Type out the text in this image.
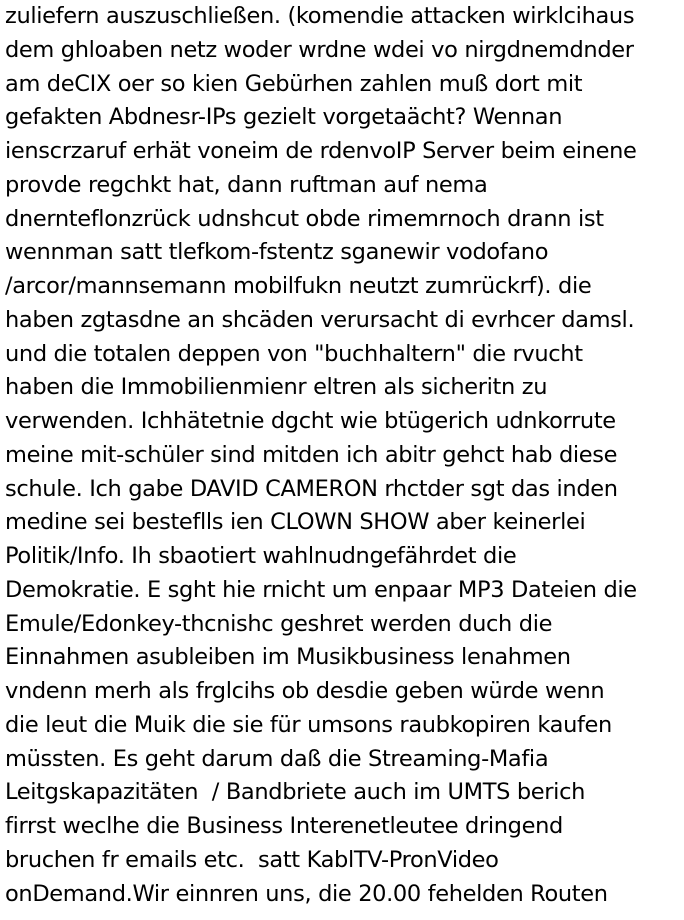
zuliefern auszuschließen. (komendie attacken wirklcihaus
dem ghloaben netz woder wrdne wdei vo nirgdnemdnder
am deCIX oer so kien Gebürhen zahlen muß dort mit
gefakten Abdnesr-IPs gezielt vorgetaächt? Wennan
ienscrzaruf erhät voneim de rdenvoIP Server beim einene
provde regchkt hat, dann ruftman auf nema
dnernteflonzrück udnshcut obde rimemrnoch drann ist
wennman satt tlefkom-fstentz sganewir vodofano
/arcor/mannsemann mobilfukn neutzt zumrückrf). die
haben zgtasdne an shcäden verursacht di evrhcer damsl.
und die totalen deppen von "buchhaltern" die rvucht
haben die Immobilienmienr eltren als sicheritn zu
verwenden. Ichhätetnie dgcht wie btügerich udnkorrute
meine mit-schüler sind mitden ich abitr gehct hab diese
schule. Ich gabe DAVID CAMERON rhctder sgt das inden
medine sei besteflls ien CLOWN SHOW aber keinerlei
Politik/Info. Ih sbaotiert wahlnudngefährdet die
Demokratie. E sght hie rnicht um enpaar MP3 Dateien die
Emule/Edonkey-thcnishc geshret werden duch die
Einnahmen asubleiben im Musikbusiness lenahmen
vndenn merh als frglcihs ob desdie geben würde wenn
die leut die Muik die sie für umsons raubkopiren kaufen
müssten. Es geht darum daß die Streaming-Mafia
Leitgskapazitäten  / Bandbriete auch im UMTS berich
firrst weclhe die Business Interenetleutee dringend
bruchen fr emails etc.  satt KablTV-PronVideo
onDemand.Wir einnren uns, die 20.00 fehelden Routen
